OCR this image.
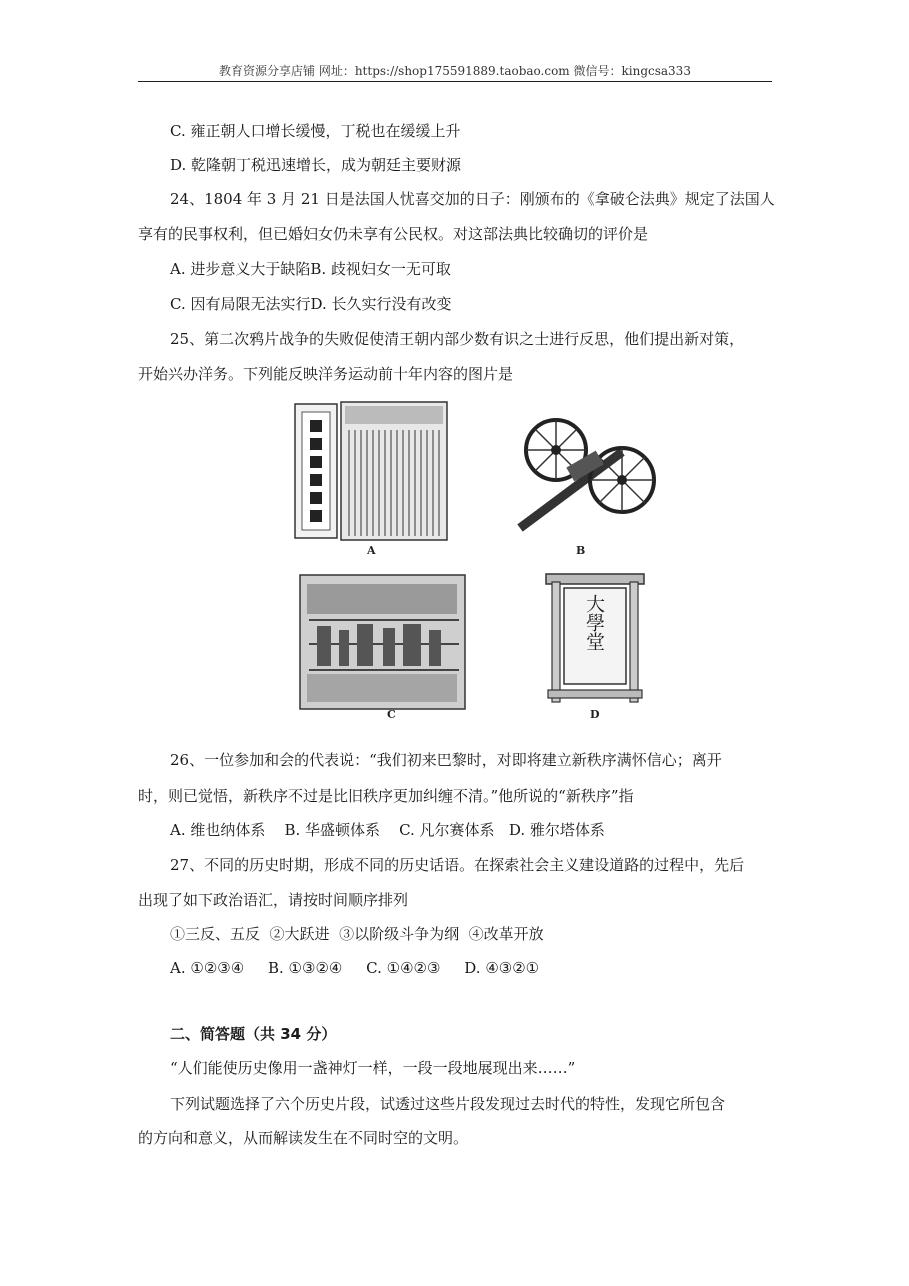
教育资源分享店铺 网址：https://shop175591889.taobao.com 微信号：kingcsa333
C. 雍正朝人口增长缓慢，丁税也在缓缓上升
D. 乾隆朝丁税迅速增长，成为朝廷主要财源
24、1804 年 3 月 21 日是法国人忧喜交加的日子：刚颁布的《拿破仑法典》规定了法国人
享有的民事权利，但已婚妇女仍未享有公民权。对这部法典比较确切的评价是
A. 进步意义大于缺陷B. 歧视妇女一无可取
C. 因有局限无法实行D. 长久实行没有改变
25、第二次鸦片战争的失败促使清王朝内部少数有识之士进行反思，他们提出新对策，
开始兴办洋务。下列能反映洋务运动前十年内容的图片是
A	B
C
大學堂
D
26、一位参加和会的代表说：“我们初来巴黎时，对即将建立新秩序满怀信心；离开
时，则已觉悟，新秩序不过是比旧秩序更加纠缠不清。”他所说的“新秩序”指
A. 维也纳体系    B. 华盛顿体系    C. 凡尔赛体系   D. 雅尔塔体系
27、不同的历史时期，形成不同的历史话语。在探索社会主义建设道路的过程中，先后
出现了如下政治语汇，请按时间顺序排列
①三反、五反  ②大跃进  ③以阶级斗争为纲  ④改革开放
A. ①②③④     B. ①③②④     C. ①④②③     D. ④③②①
二、简答题（共 34 分）
“人们能使历史像用一盏神灯一样，一段一段地展现出来……”
下列试题选择了六个历史片段，试透过这些片段发现过去时代的特性，发现它所包含
的方向和意义，从而解读发生在不同时空的文明。
